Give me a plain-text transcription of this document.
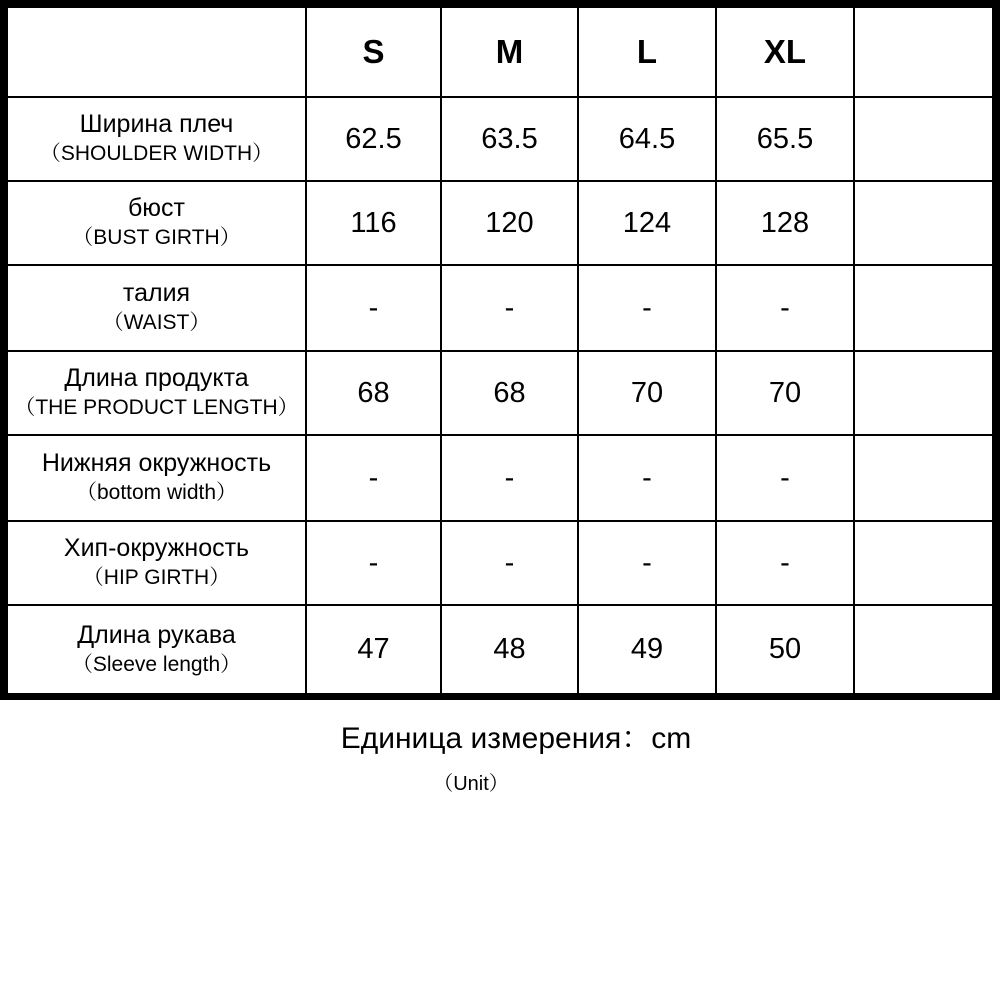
	S	M	L	XL	

Ширина плеч
（SHOULDER WIDTH）	62.5	63.5	64.5	65.5	

бюст
（BUST GIRTH）	116	120	124	128	

талия
（WAIST）	-	-	-	-	

Длина продукта
（THE PRODUCT LENGTH）	68	68	70	70	

Нижняя окружность
（bottom width）	-	-	-	-	

Хип-окружность
（HIP GIRTH）	-	-	-	-	

Длина рукава
（Sleeve length）	47	48	49	50	
Единица измерения：cm
（Unit）
